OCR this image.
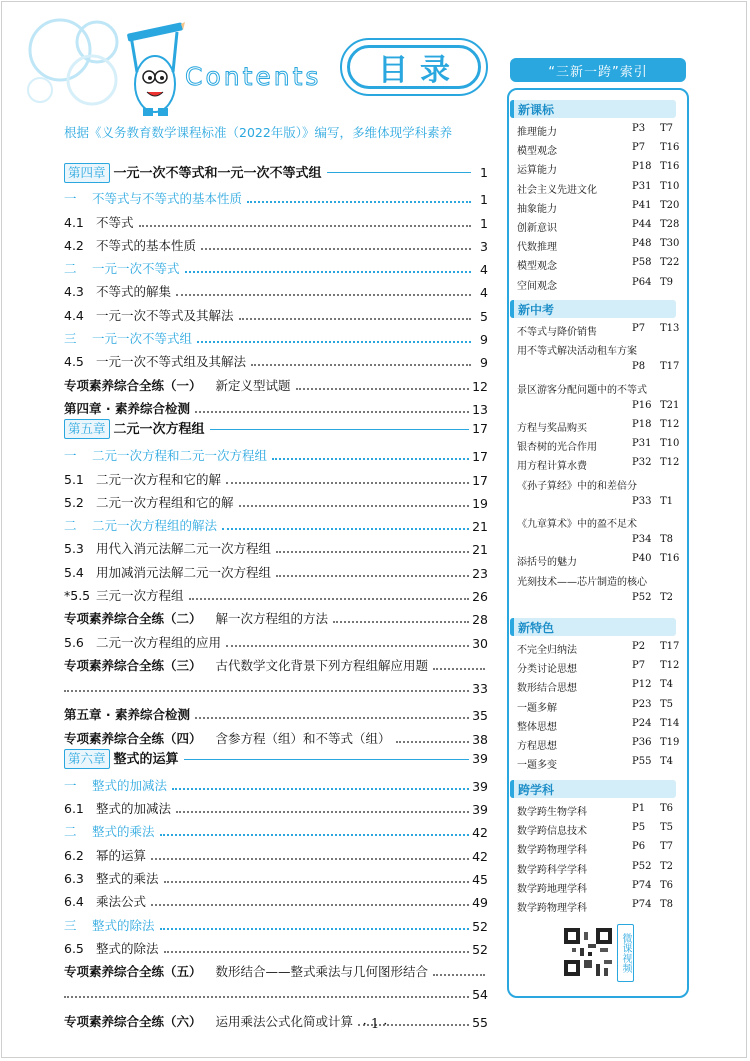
Contents	目录
根据《义务教育数学课程标准（2022年版）》编写，多维体现学科素养
第四章 一元一次不等式和一元一次不等式组	1
一 不等式与不等式的基本性质	1
4.1 不等式	1
4.2 不等式的基本性质	3
二 一元一次不等式	4
4.3 不等式的解集	4
4.4 一元一次不等式及其解法	5
三 一元一次不等式组	9
4.5 一元一次不等式组及其解法	9
专项素养综合全练（一） 新定义型试题	12
第四章 · 素养综合检测	13
第五章 二元一次方程组	17
一 二元一次方程和二元一次方程组	17
5.1 二元一次方程和它的解	17
5.2 二元一次方程组和它的解	19
二 二元一次方程组的解法	21
5.3 用代入消元法解二元一次方程组	21
5.4 用加减消元法解二元一次方程组	23
*5.5 三元一次方程组	26
专项素养综合全练（二） 解一次方程组的方法	28
5.6 二元一次方程组的应用	30
专项素养综合全练（三） 古代数学文化背景下列方程组解应用题
33
第五章 · 素养综合检测	35
专项素养综合全练（四） 含参方程（组）和不等式（组）	38
第六章 整式的运算	39
一 整式的加减法	39
6.1 整式的加减法	39
二 整式的乘法	42
6.2 幂的运算	42
6.3 整式的乘法	45
6.4 乘法公式	49
三 整式的除法	52
6.5 整式的除法	52
专项素养综合全练（五） 数形结合——整式乘法与几何图形结合
54
专项素养综合全练（六） 运用乘法公式化简或计算	55
“三新一跨”索引
新课标
推理能力	P3 T7
模型观念	P7 T16
运算能力	P18 T16
社会主义先进文化	P31 T10
抽象能力	P41 T20
创新意识	P44 T28
代数推理	P48 T30
模型观念	P58 T22
空间观念	P64 T9
新中考
不等式与降价销售	P7 T13
用不等式解决活动租车方案
P8 T17
景区游客分配问题中的不等式
P16 T21
方程与奖品购买	P18 T12
银杏树的光合作用	P31 T10
用方程计算水费	P32 T12
《孙子算经》中的和差倍分
P33 T1
《九章算术》中的盈不足术
P34 T8
添括号的魅力	P40 T16
光刻技术——芯片制造的核心
P52 T2
新特色
不完全归纳法	P2 T17
分类讨论思想	P7 T12
数形结合思想	P12 T4
一题多解	P23 T5
整体思想	P24 T14
方程思想	P36 T19
一题多变	P55 T4
跨学科
数学跨生物学科	P1 T6
数学跨信息技术	P5 T5
数学跨物理学科	P6 T7
数学跨科学学科	P52 T2
数学跨地理学科	P74 T6
数学跨物理学科	P74 T8
微课视频
· 1 ·
